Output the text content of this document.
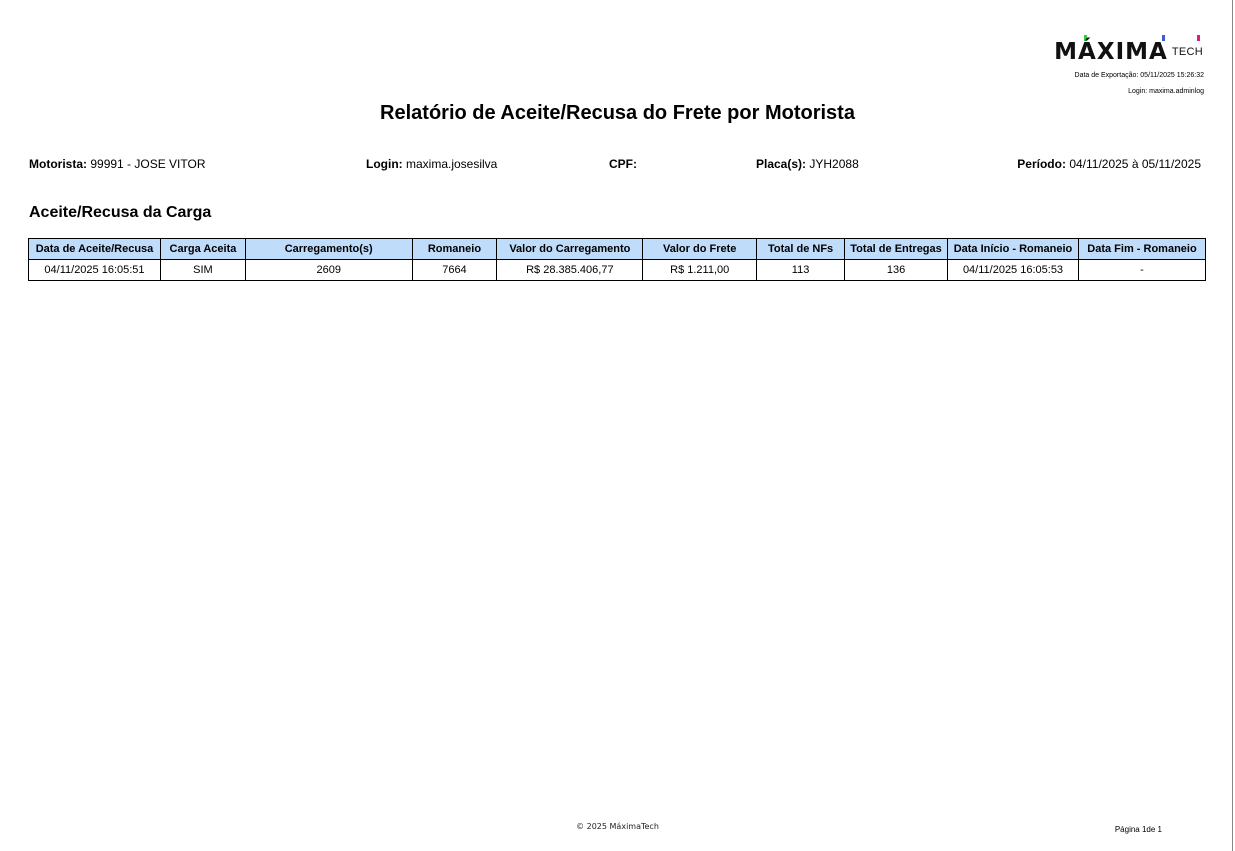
MÁXIMA TECH
Data de Exportação: 05/11/2025 15:26:32
Login: maxima.adminlog
Relatório de Aceite/Recusa do Frete por Motorista
Motorista: 99991 - JOSE VITOR	Login: maxima.josesilva	CPF:	Placa(s): JYH2088	Período: 04/11/2025 à 05/11/2025
Aceite/Recusa da Carga
Data de Aceite/Recusa	Carga Aceita	Carregamento(s)	Romaneio	Valor do Carregamento	Valor do Frete	Total de NFs	Total de Entregas	Data Início - Romaneio	Data Fim - Romaneio
04/11/2025 16:05:51	SIM	2609	7664	R$ 28.385.406,77	R$ 1.211,00	113	136	04/11/2025 16:05:53	-
© 2025 MáximaTech	Página 1de 1
